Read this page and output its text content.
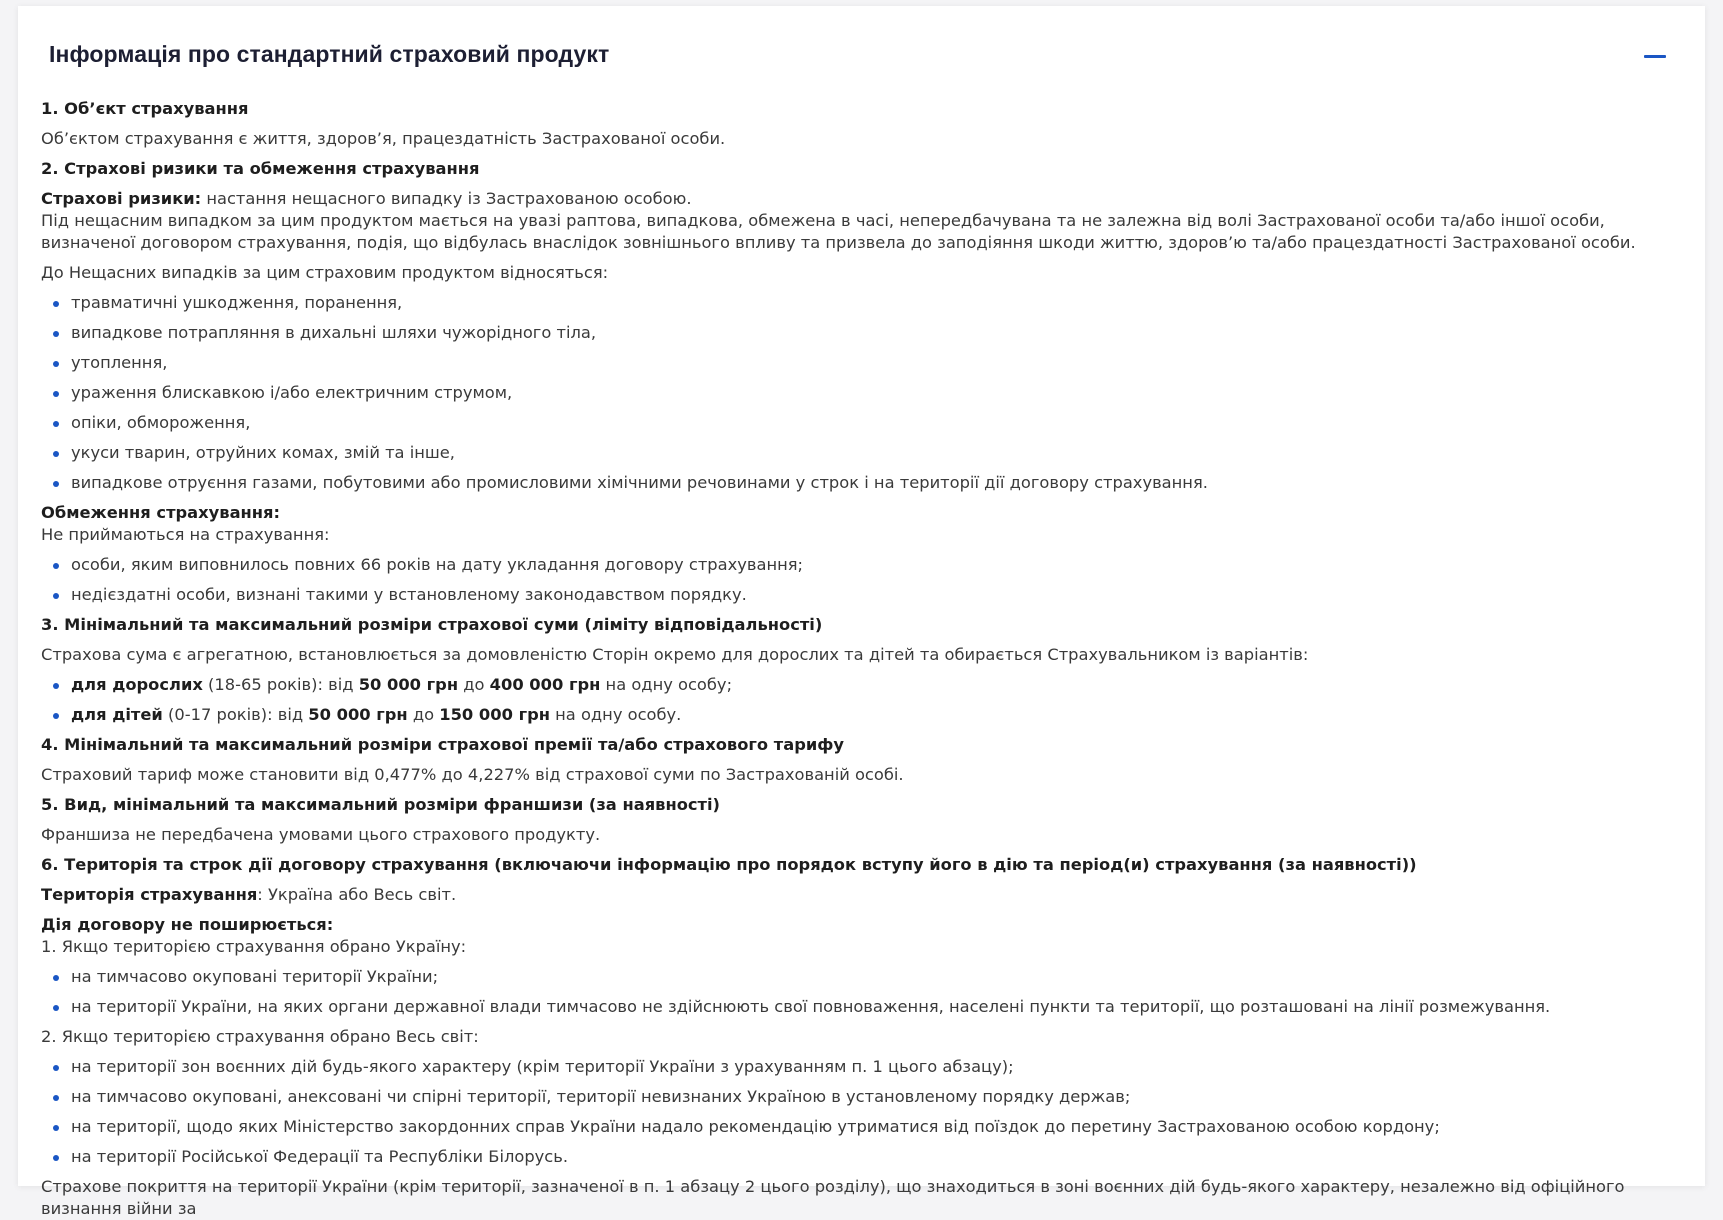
Інформація про стандартний страховий продукт
1. Об’єкт страхування

Об’єктом страхування є життя, здоров’я, працездатність Застрахованої особи.

2. Страхові ризики та обмеження страхування
Страхові ризики: настання нещасного випадку із Застрахованою особою.
Під нещасним випадком за цим продуктом мається на увазі раптова, випадкова, обмежена в часі, непередбачувана та не залежна від волі Застрахованої особи та/або іншої особи, визначеної договором страхування, подія, що відбулась внаслідок зовнішнього впливу та призвела до заподіяння шкоди життю, здоров’ю та/або працездатності Застрахованої особи.

До Нещасних випадків за цим страховим продуктом відносяться:

травматичні ушкодження, поранення,
випадкове потрапляння в дихальні шляхи чужорідного тіла,
утоплення,
ураження блискавкою і/або електричним струмом,
опіки, обмороження,
укуси тварин, отруйних комах, змій та інше,
випадкове отруєння газами, побутовими або промисловими хімічними речовинами у строк і на території дії договору страхування.
Обмеження страхування:
Не приймаються на страхування:
особи, яким виповнилось повних 66 років на дату укладання договору страхування;
недієздатні особи, визнані такими у встановленому законодавством порядку.
3. Мінімальний та максимальний розміри страхової суми (ліміту відповідальності)

Страхова сума є агрегатною, встановлюється за домовленістю Сторін окремо для дорослих та дітей та обирається Страхувальником із варіантів:

для дорослих (18-65 років): від 50 000 грн до 400 000 грн на одну особу;
для дітей (0-17 років): від 50 000 грн до 150 000 грн на одну особу.
4. Мінімальний та максимальний розміри страхової премії та/або страхового тарифу

Страховий тариф може становити від 0,477% до 4,227% від страхової суми по Застрахованій особі.

5. Вид, мінімальний та максимальний розміри франшизи (за наявності)

Франшиза не передбачена умовами цього страхового продукту.

6. Територія та строк дії договору страхування (включаючи інформацію про порядок вступу його в дію та період(и) страхування (за наявності))

Територія страхування: Україна або Весь світ.

Дія договору не поширюється:
1. Якщо територією страхування обрано Україну:
на тимчасово окуповані території України;
на території України, на яких органи державної влади тимчасово не здійснюють свої повноваження, населені пункти та території, що розташовані на лінії розмежування.

2. Якщо територією страхування обрано Весь світ:

на території зон воєнних дій будь-якого характеру (крім території України з урахуванням п. 1 цього абзацу);
на тимчасово окуповані, анексовані чи спірні території, території невизнаних Україною в установленому порядку держав;
на території, щодо яких Міністерство закордонних справ України надало рекомендацію утриматися від поїздок до перетину Застрахованою особою кордону;
на території Російської Федерації та Республіки Білорусь.

Страхове покриття на території України (крім території, зазначеної в п. 1 абзацу 2 цього розділу), що знаходиться в зоні воєнних дій будь-якого характеру, незалежно від офіційного визнання війни за
